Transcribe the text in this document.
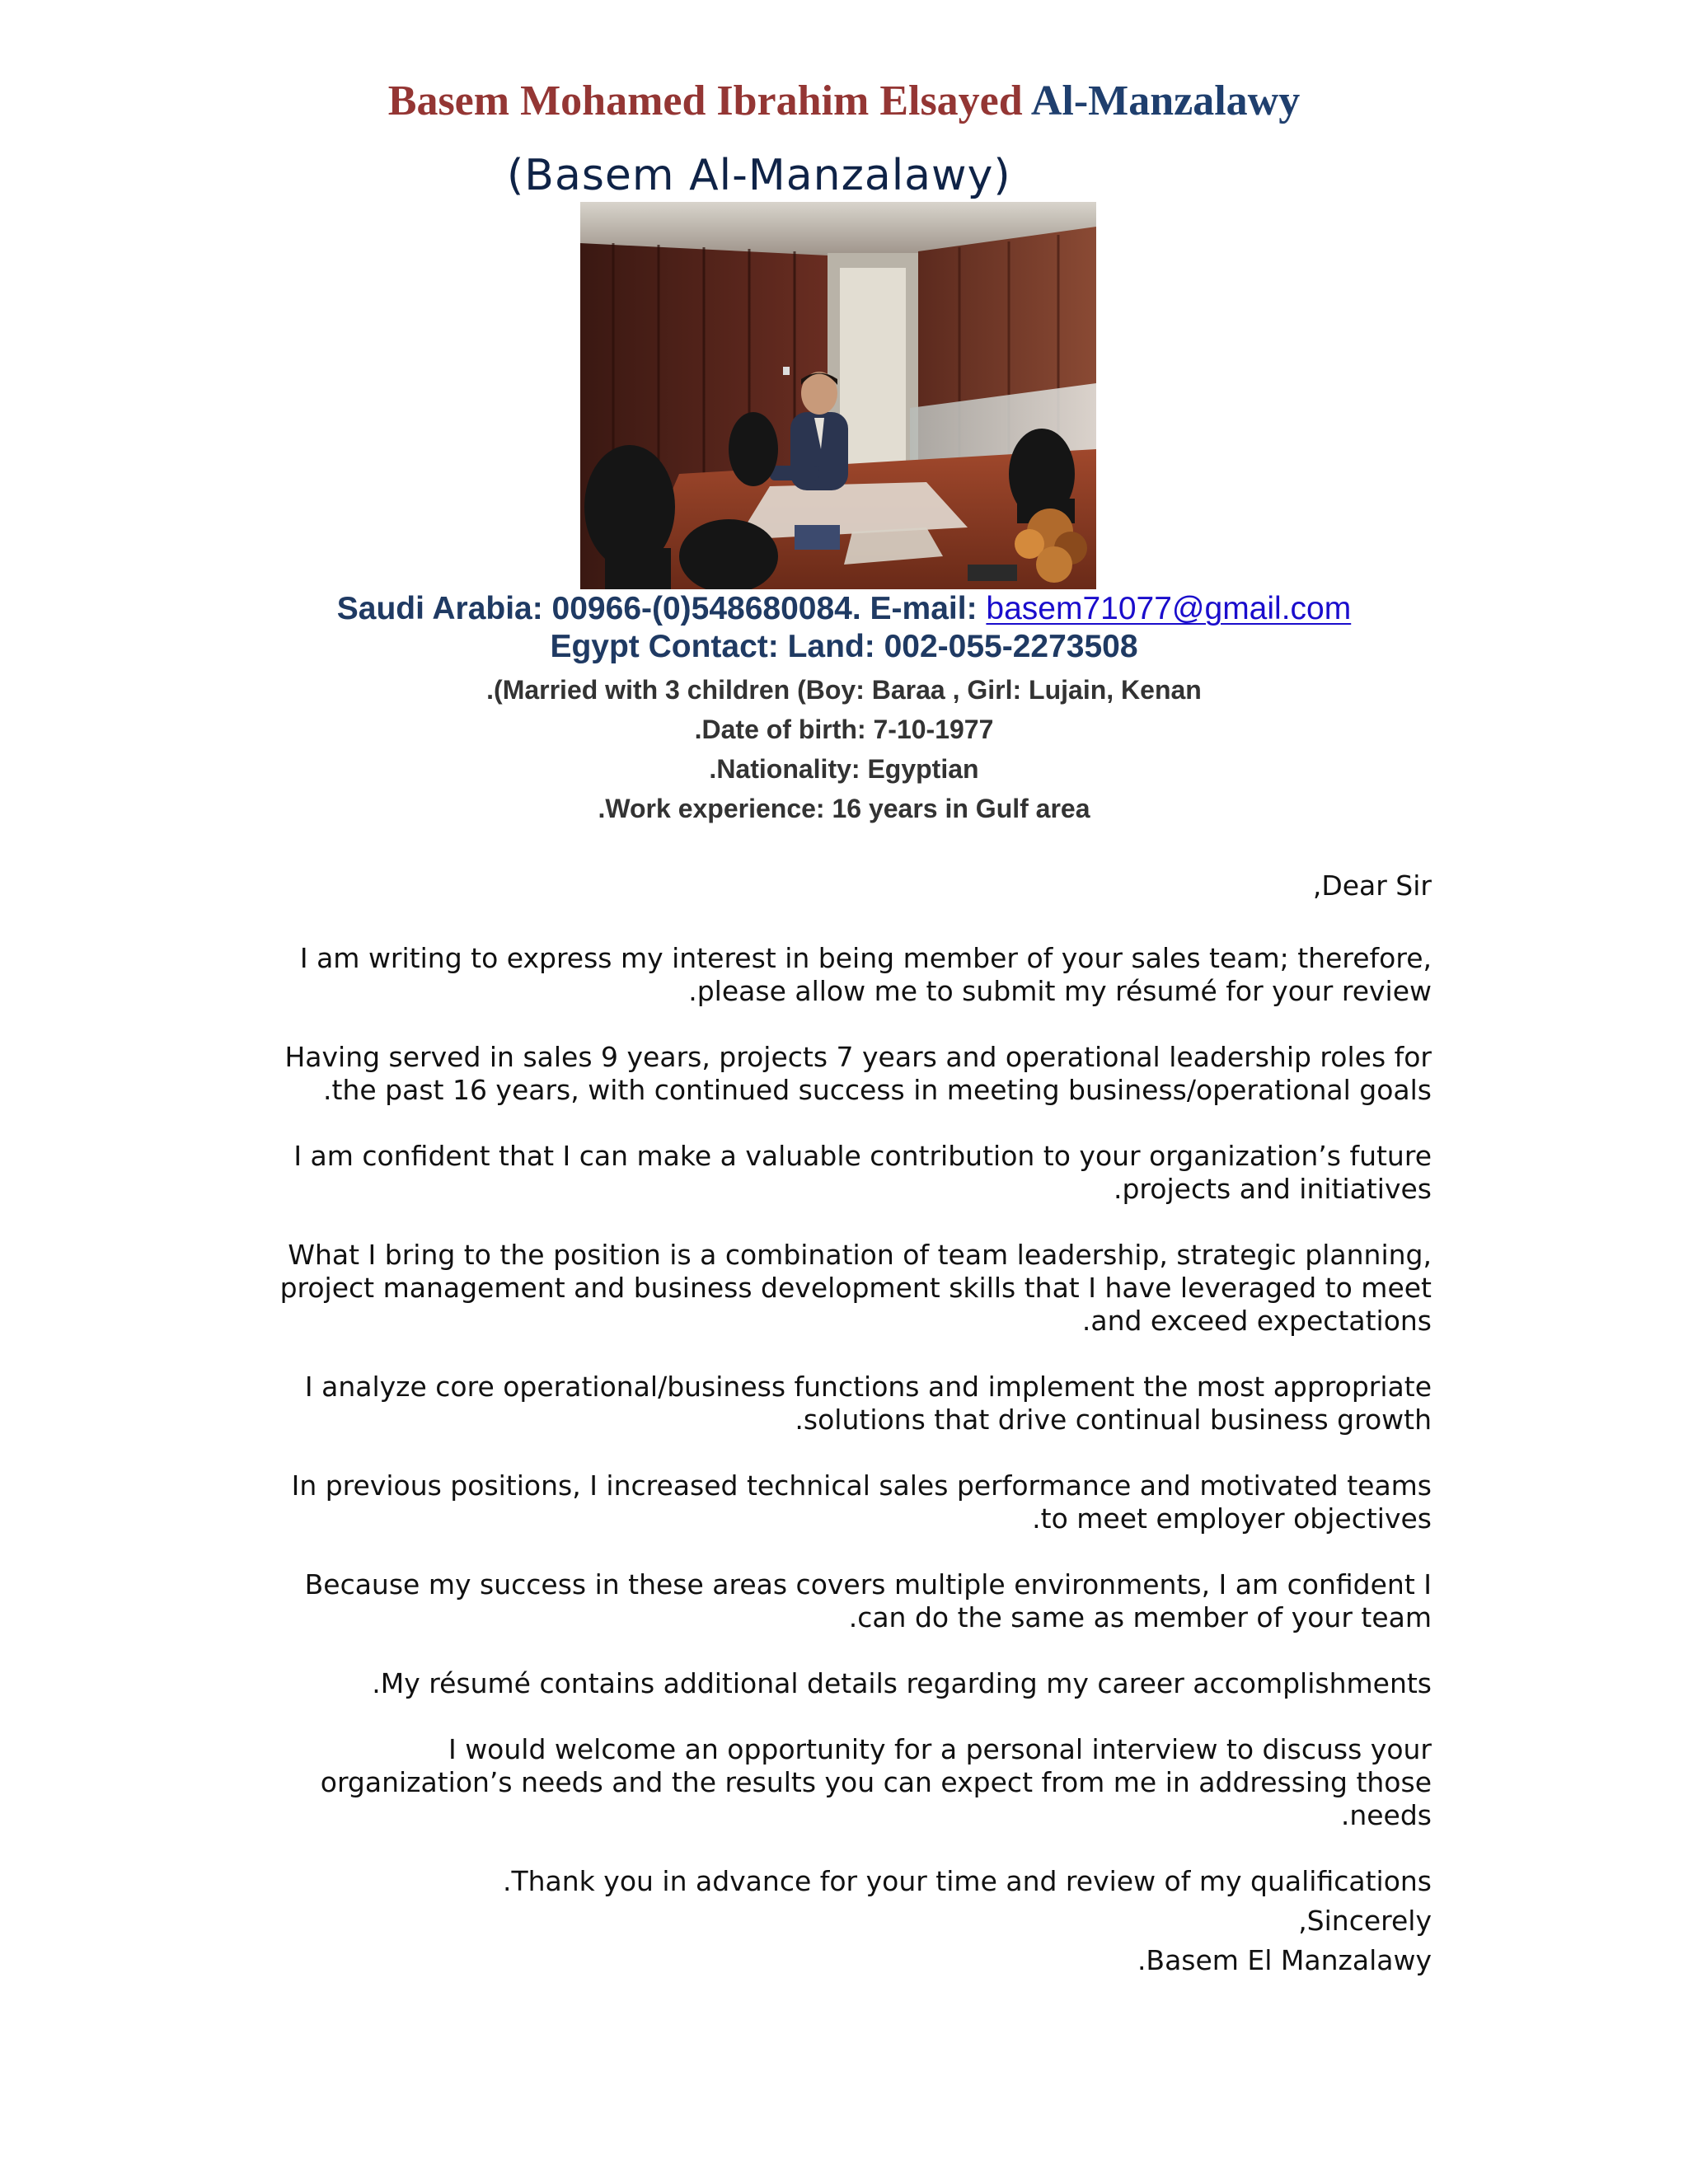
Basem Mohamed Ibrahim Elsayed Al-Manzalawy
(Basem Al-Manzalawy)
Saudi Arabia: 00966-(0)548680084. E-mail: basem71077@gmail.com
Egypt Contact: Land: 002-055-2273508
.(Married with 3 children (Boy: Baraa , Girl: Lujain, Kenan
.Date of birth: 7-10-1977
.Nationality: Egyptian
.Work experience: 16 years in Gulf area

,Dear Sir

I am writing to express my interest in being member of your sales team; therefore,
.please allow me to submit my résumé for your review

Having served in sales 9 years, projects 7 years and operational leadership roles for
.the past 16 years, with continued success in meeting business/operational goals

I am confident that I can make a valuable contribution to your organization’s future
.projects and initiatives

What I bring to the position is a combination of team leadership, strategic planning,
project management and business development skills that I have leveraged to meet
.and exceed expectations

I analyze core operational/business functions and implement the most appropriate
.solutions that drive continual business growth

In previous positions, I increased technical sales performance and motivated teams
.to meet employer objectives

Because my success in these areas covers multiple environments, I am confident I
.can do the same as member of your team

.My résumé contains additional details regarding my career accomplishments

I would welcome an opportunity for a personal interview to discuss your
organization’s needs and the results you can expect from me in addressing those
.needs

.Thank you in advance for your time and review of my qualifications

,Sincerely

.Basem El Manzalawy
